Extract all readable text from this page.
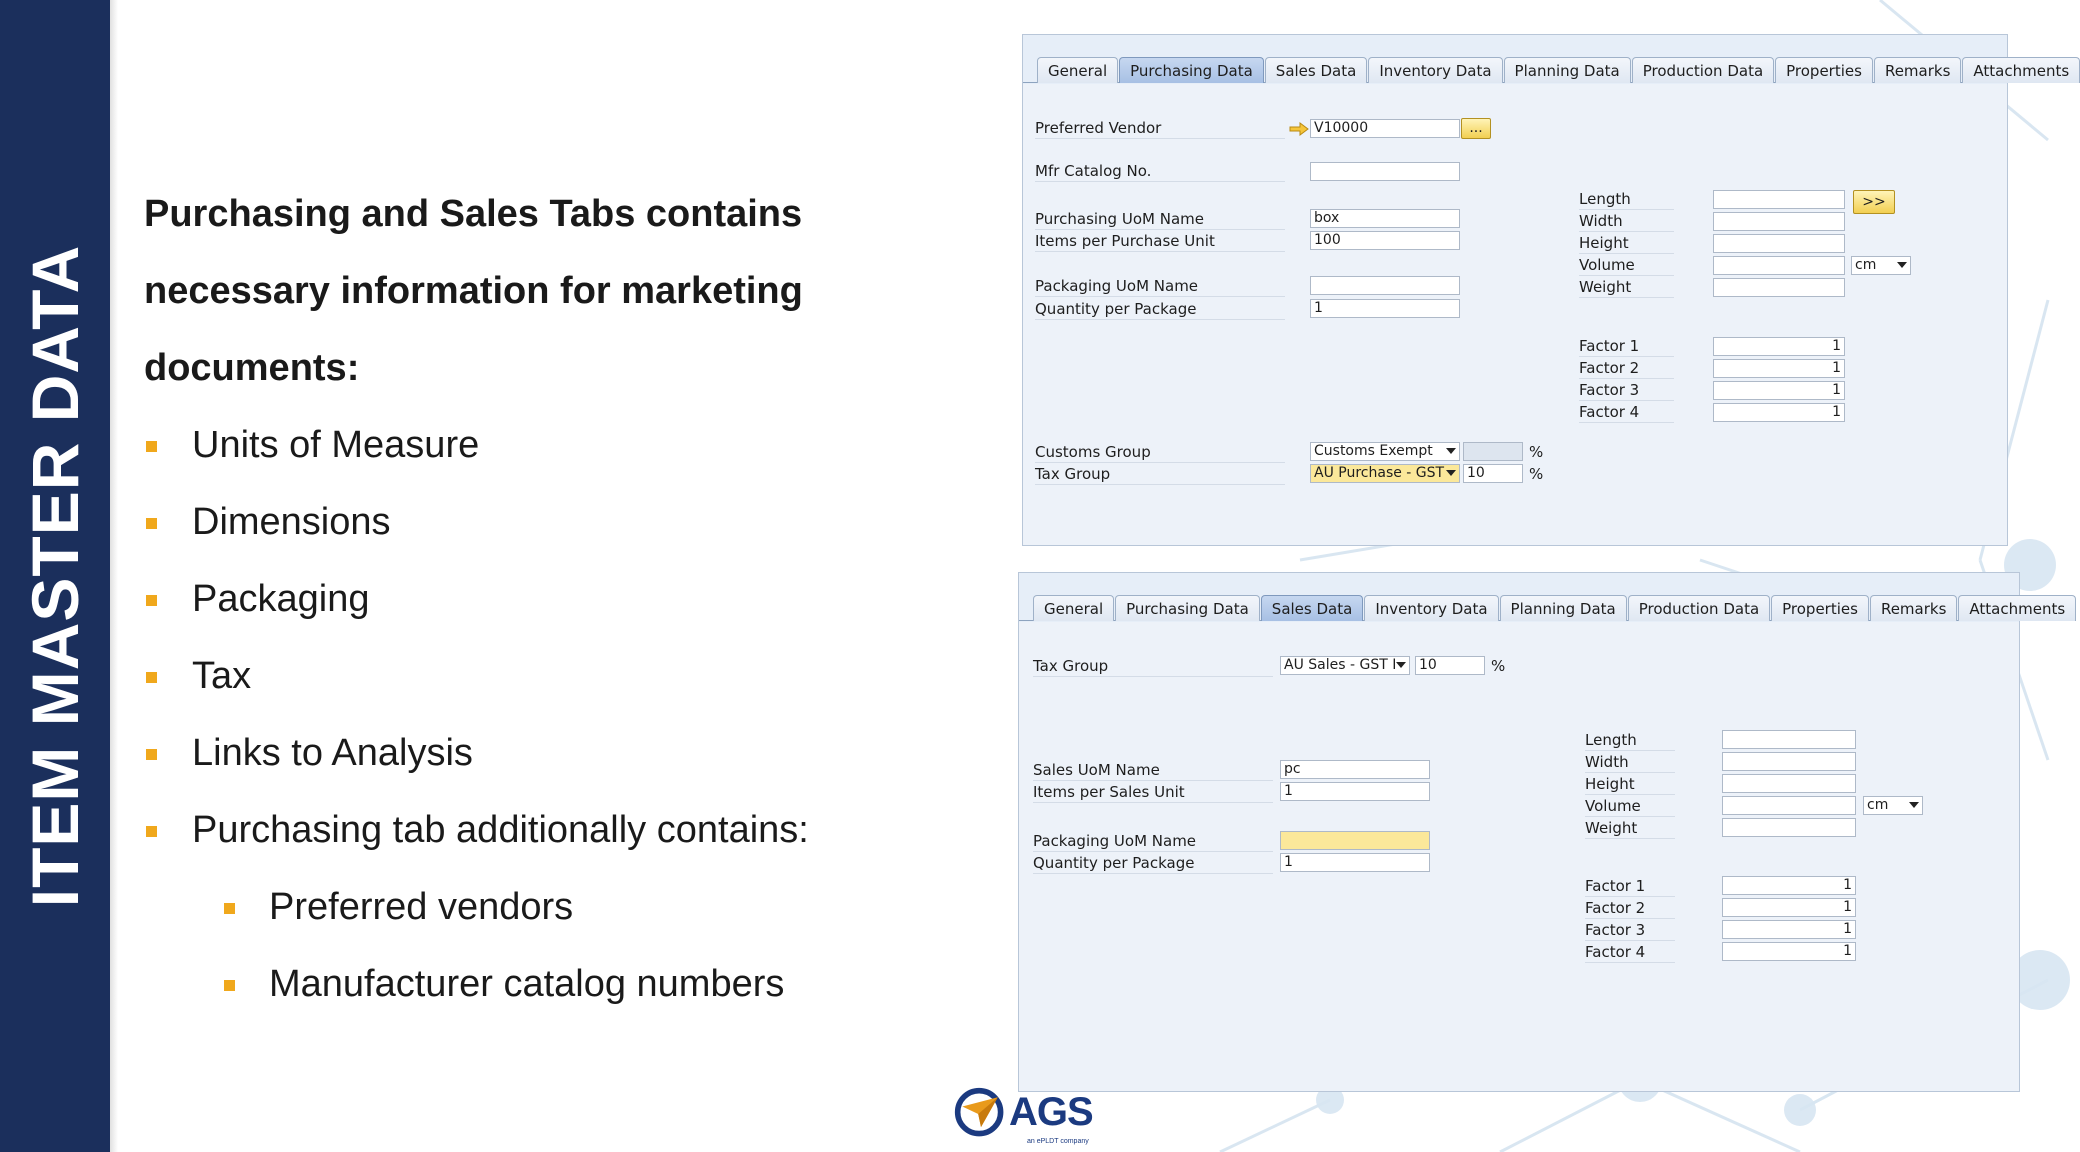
ITEM MASTER DATA
Purchasing and Sales Tabs contains
necessary information for marketing documents:
Units of Measure
Dimensions
Packaging
Tax
Links to Analysis
Purchasing tab additionally contains:
Preferred vendors
Manufacturer catalog numbers
General	Purchasing Data	Sales Data	Inventory Data	Planning Data	Production Data	Properties	Remarks	Attachments
Preferred Vendor	V10000	...
Mfr Catalog No.
Purchasing UoM Name	box
Items per Purchase Unit	100
Packaging UoM Name
Quantity per Package	1
Customs Group	Customs Exempt	%
Tax Group	AU Purchase - GST	10	%
Length	>>
Width
Height
Volume	cm
Weight
Factor 1	1
Factor 2	1
Factor 3	1
Factor 4	1
General	Purchasing Data	Sales Data	Inventory Data	Planning Data	Production Data	Properties	Remarks	Attachments
Tax Group	AU Sales - GST I	10	%
Sales UoM Name	pc
Items per Sales Unit	1
Packaging UoM Name
Quantity per Package	1
Length
Width
Height
Volume	cm
Weight
Factor 1	1
Factor 2	1
Factor 3	1
Factor 4	1
AGS
an ePLDT company
